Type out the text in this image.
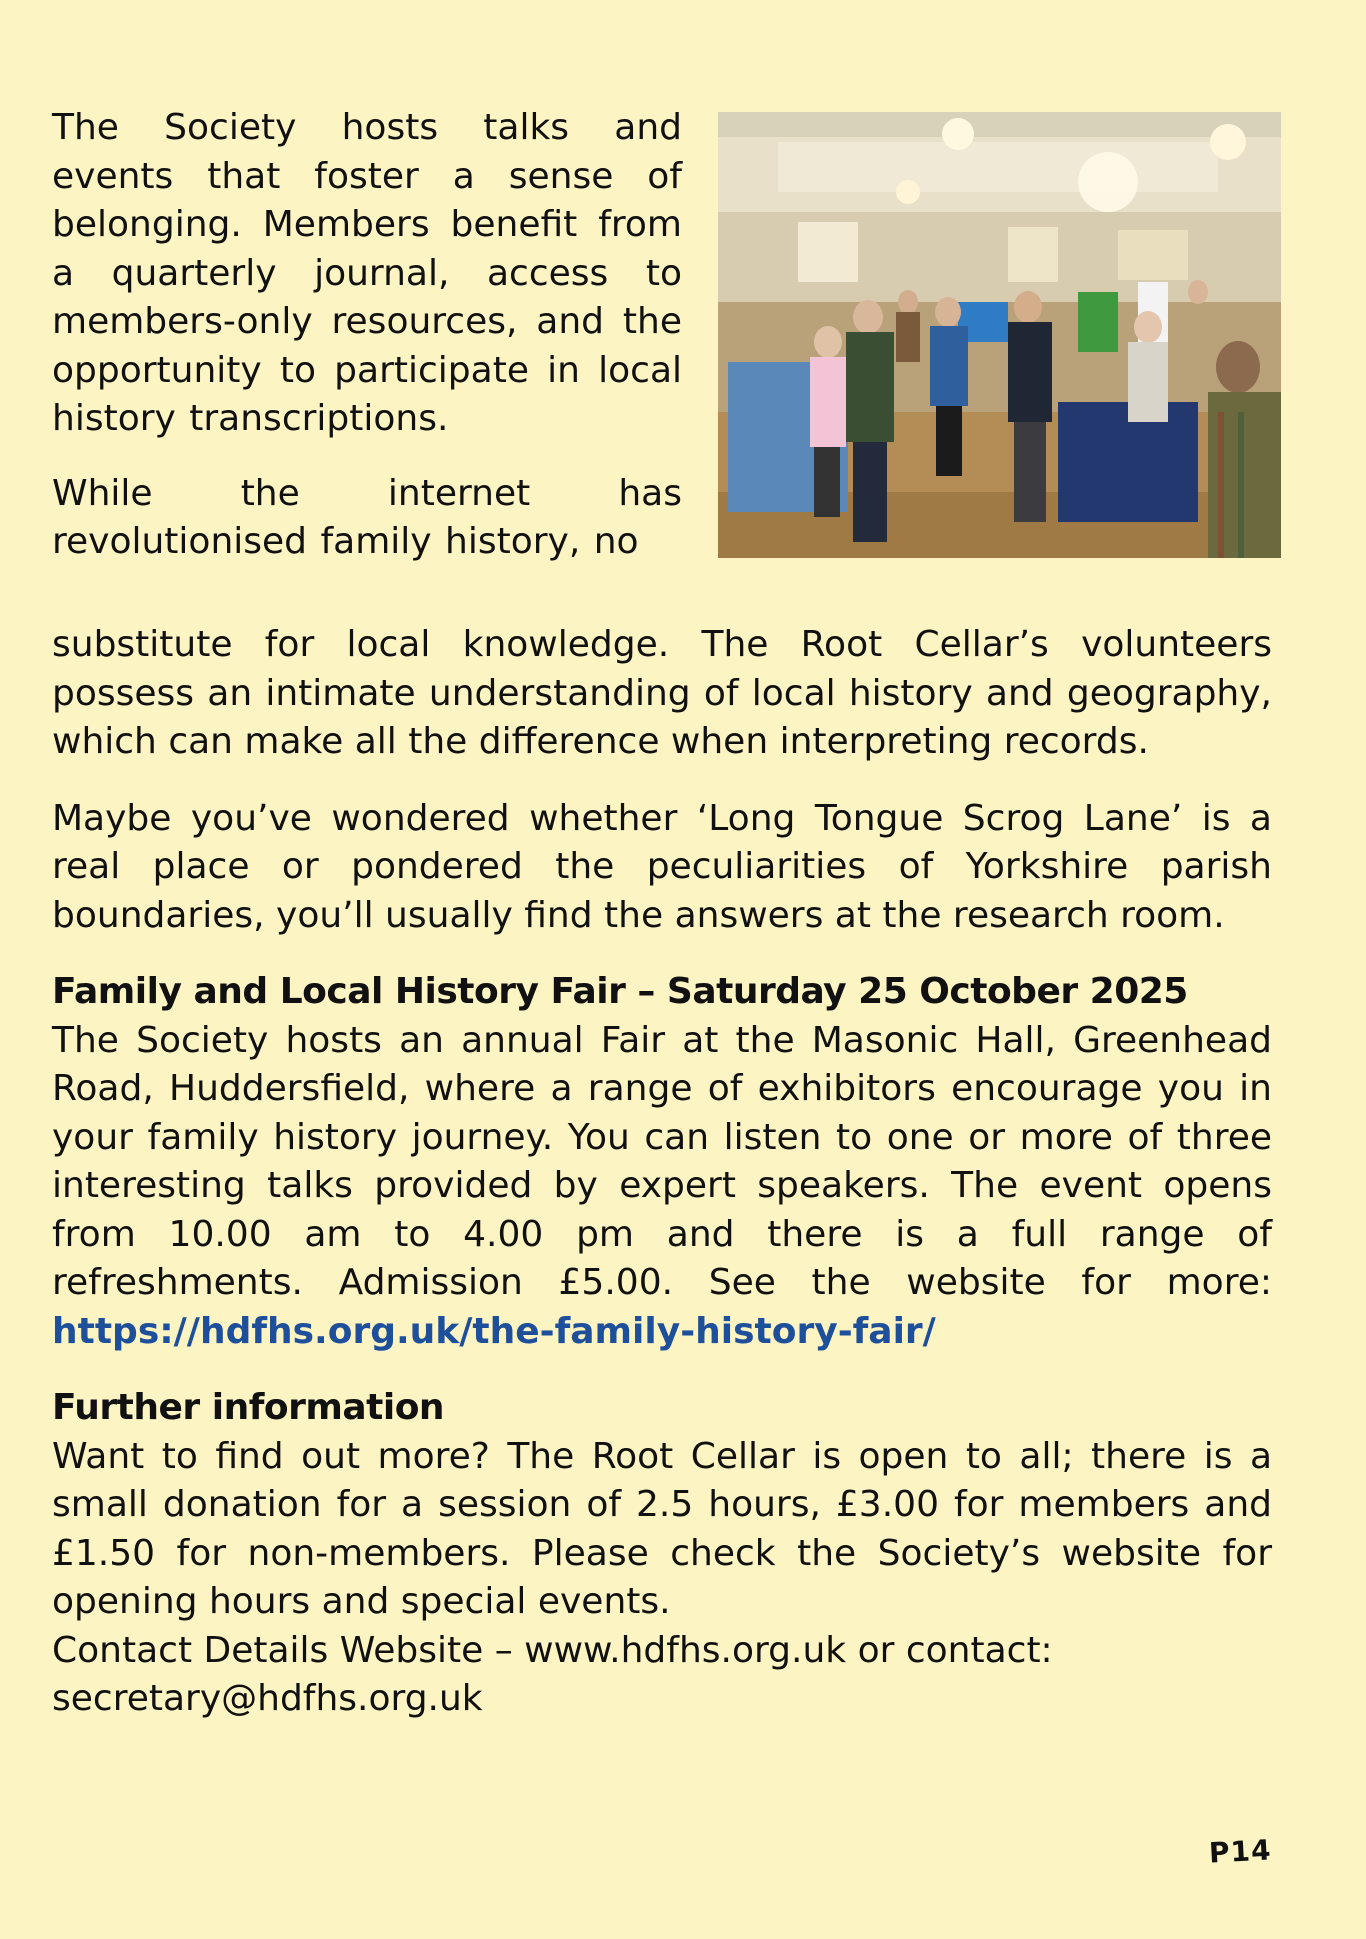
The Society hosts talks and events that foster a sense of belonging. Members benefit from a quarterly journal, access to members-only resources, and the opportunity to participate in local history transcriptions.

While the internet has revolutionised family history, no

substitute for local knowledge. The Root Cellar’s volunteers possess an intimate understanding of local history and geography, which can make all the difference when interpreting records.

Maybe you’ve wondered whether ‘Long Tongue Scrog Lane’ is a real place or pondered the peculiarities of Yorkshire parish boundaries, you’ll usually find the answers at the research room.

Family and Local History Fair – Saturday 25 October 2025

The Society hosts an annual Fair at the Masonic Hall, Greenhead Road, Huddersfield, where a range of exhibitors encourage you in your family history journey. You can listen to one or more of three interesting talks provided by expert speakers. The event opens from 10.00 am to 4.00 pm and there is a full range of refreshments. Admission £5.00. See the website for more: https://hdfhs.org.uk/the-family-history-fair/

Further information

Want to find out more? The Root Cellar is open to all; there is a small donation for a session of 2.5 hours, £3.00 for members and £1.50 for non-members. Please check the Society’s website for opening hours and special events.

Contact Details Website – www.hdfhs.org.uk or contact:

secretary@hdfhs.org.uk

P14
